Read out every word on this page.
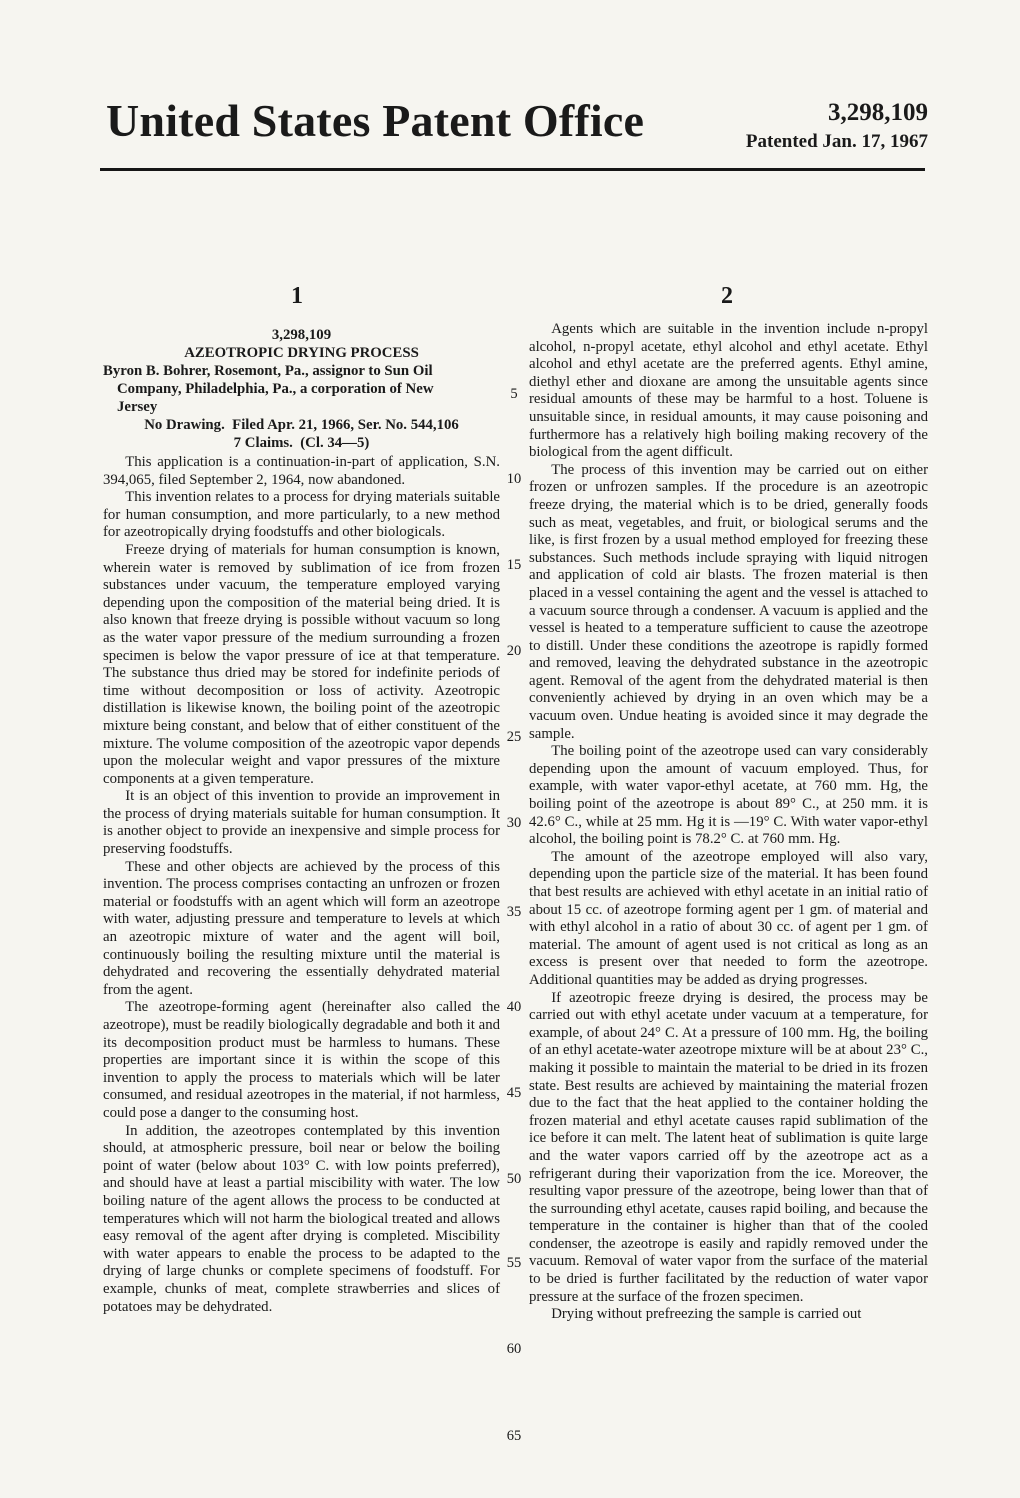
United States Patent Office	3,298,109
Patented Jan. 17, 1967
1	2
5
10
15
20
25
30
35
40
45
50
55
60
65
3,298,109
AZEOTROPIC DRYING PROCESS
Byron B. Bohrer, Rosemont, Pa., assignor to Sun Oil
Company, Philadelphia, Pa., a corporation of New
Jersey
No Drawing.  Filed Apr. 21, 1966, Ser. No. 544,106
7 Claims.  (Cl. 34—5)

This application is a continuation-in-part of application, S.N. 394,065, filed September 2, 1964, now abandoned.

This invention relates to a process for drying materials suitable for human consumption, and more particularly, to a new method for azeotropically drying foodstuffs and other biologicals.

Freeze drying of materials for human consumption is known, wherein water is removed by sublimation of ice from frozen substances under vacuum, the temperature employed varying depending upon the composition of the material being dried. It is also known that freeze drying is possible without vacuum so long as the water vapor pressure of the medium surrounding a frozen specimen is below the vapor pressure of ice at that temperature. The substance thus dried may be stored for indefinite periods of time without decomposition or loss of activity. Azeotropic distillation is likewise known, the boiling point of the azeotropic mixture being constant, and below that of either constituent of the mixture. The volume composition of the azeotropic vapor depends upon the molecular weight and vapor pressures of the mixture components at a given temperature.

It is an object of this invention to provide an improvement in the process of drying materials suitable for human consumption. It is another object to provide an inexpensive and simple process for preserving foodstuffs.

These and other objects are achieved by the process of this invention. The process comprises contacting an unfrozen or frozen material or foodstuffs with an agent which will form an azeotrope with water, adjusting pressure and temperature to levels at which an azeotropic mixture of water and the agent will boil, continuously boiling the resulting mixture until the material is dehydrated and recovering the essentially dehydrated material from the agent.

The azeotrope-forming agent (hereinafter also called the azeotrope), must be readily biologically degradable and both it and its decomposition product must be harmless to humans. These properties are important since it is within the scope of this invention to apply the process to materials which will be later consumed, and residual azeotropes in the material, if not harmless, could pose a danger to the consuming host.

In addition, the azeotropes contemplated by this invention should, at atmospheric pressure, boil near or below the boiling point of water (below about 103° C. with low points preferred), and should have at least a partial miscibility with water. The low boiling nature of the agent allows the process to be conducted at temperatures which will not harm the biological treated and allows easy removal of the agent after drying is completed. Miscibility with water appears to enable the process to be adapted to the drying of large chunks or complete specimens of foodstuff. For example, chunks of meat, complete strawberries and slices of potatoes may be dehydrated.

Agents which are suitable in the invention include n-propyl alcohol, n-propyl acetate, ethyl alcohol and ethyl acetate. Ethyl alcohol and ethyl acetate are the preferred agents. Ethyl amine, diethyl ether and dioxane are among the unsuitable agents since residual amounts of these may be harmful to a host. Toluene is unsuitable since, in residual amounts, it may cause poisoning and furthermore has a relatively high boiling making recovery of the biological from the agent difficult.

The process of this invention may be carried out on either frozen or unfrozen samples. If the procedure is an azeotropic freeze drying, the material which is to be dried, generally foods such as meat, vegetables, and fruit, or biological serums and the like, is first frozen by a usual method employed for freezing these substances. Such methods include spraying with liquid nitrogen and application of cold air blasts. The frozen material is then placed in a vessel containing the agent and the vessel is attached to a vacuum source through a condenser. A vacuum is applied and the vessel is heated to a temperature sufficient to cause the azeotrope to distill. Under these conditions the azeotrope is rapidly formed and removed, leaving the dehydrated substance in the azeotropic agent. Removal of the agent from the dehydrated material is then conveniently achieved by drying in an oven which may be a vacuum oven. Undue heating is avoided since it may degrade the sample.

The boiling point of the azeotrope used can vary considerably depending upon the amount of vacuum employed. Thus, for example, with water vapor-ethyl acetate, at 760 mm. Hg, the boiling point of the azeotrope is about 89° C., at 250 mm. it is 42.6° C., while at 25 mm. Hg it is —19° C. With water vapor-ethyl alcohol, the boiling point is 78.2° C. at 760 mm. Hg.

The amount of the azeotrope employed will also vary, depending upon the particle size of the material. It has been found that best results are achieved with ethyl acetate in an initial ratio of about 15 cc. of azeotrope forming agent per 1 gm. of material and with ethyl alcohol in a ratio of about 30 cc. of agent per 1 gm. of material. The amount of agent used is not critical as long as an excess is present over that needed to form the azeotrope. Additional quantities may be added as drying progresses.

If azeotropic freeze drying is desired, the process may be carried out with ethyl acetate under vacuum at a temperature, for example, of about 24° C. At a pressure of 100 mm. Hg, the boiling of an ethyl acetate-water azeotrope mixture will be at about 23° C., making it possible to maintain the material to be dried in its frozen state. Best results are achieved by maintaining the material frozen due to the fact that the heat applied to the container holding the frozen material and ethyl acetate causes rapid sublimation of the ice before it can melt. The latent heat of sublimation is quite large and the water vapors carried off by the azeotrope act as a refrigerant during their vaporization from the ice. Moreover, the resulting vapor pressure of the azeotrope, being lower than that of the surrounding ethyl acetate, causes rapid boiling, and because the temperature in the container is higher than that of the cooled condenser, the azeotrope is easily and rapidly removed under the vacuum. Removal of water vapor from the surface of the material to be dried is further facilitated by the reduction of water vapor pressure at the surface of the frozen specimen.

Drying without prefreezing the sample is carried out
